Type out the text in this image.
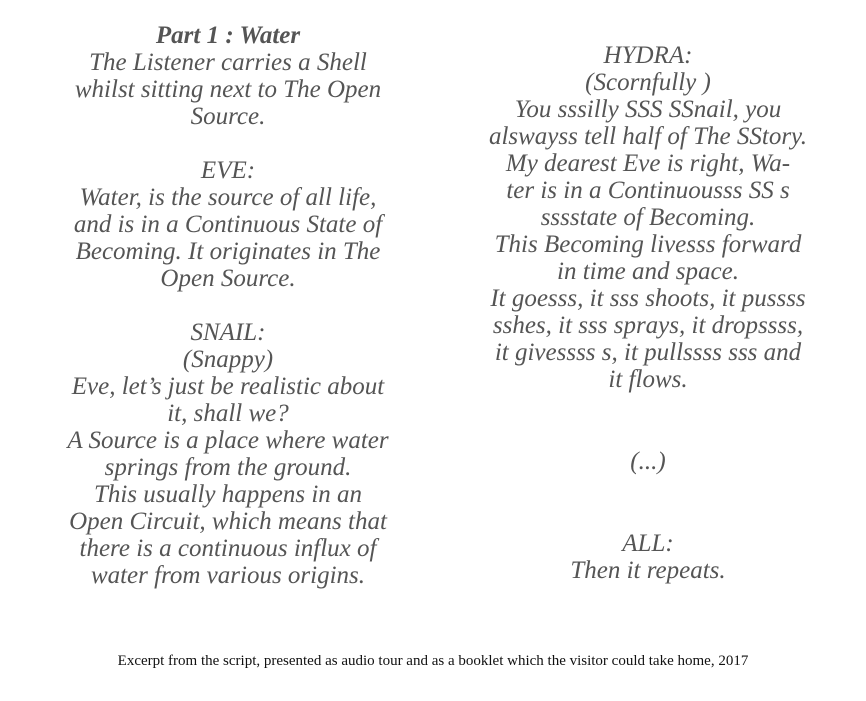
Part 1 : Water
The Listener carries a Shell
whilst sitting next to The Open
Source.
EVE:
Water, is the source of all life,
and is in a Continuous State of
Becoming. It originates in The
Open Source.
SNAIL:
(Snappy)
Eve, let’s just be realistic about
it, shall we?
A Source is a place where water
springs from the ground.
This usually happens in an
Open Circuit, which means that
there is a continuous influx of
water from various origins.
HYDRA:
(Scornfully )
You sssilly SSS SSnail, you
alswayss tell half of The SStory.
My dearest Eve is right, Wa-
ter is in a Continuousss SS s
sssstate of Becoming.
This Becoming livesss forward
in time and space.
It goesss, it sss shoots, it pussss
sshes, it sss sprays, it dropssss,
it givessss s, it pullssss sss and
it flows.
(...)
ALL:
Then it repeats.
Excerpt from the script, presented as audio tour and as a booklet which the visitor could take home, 2017
